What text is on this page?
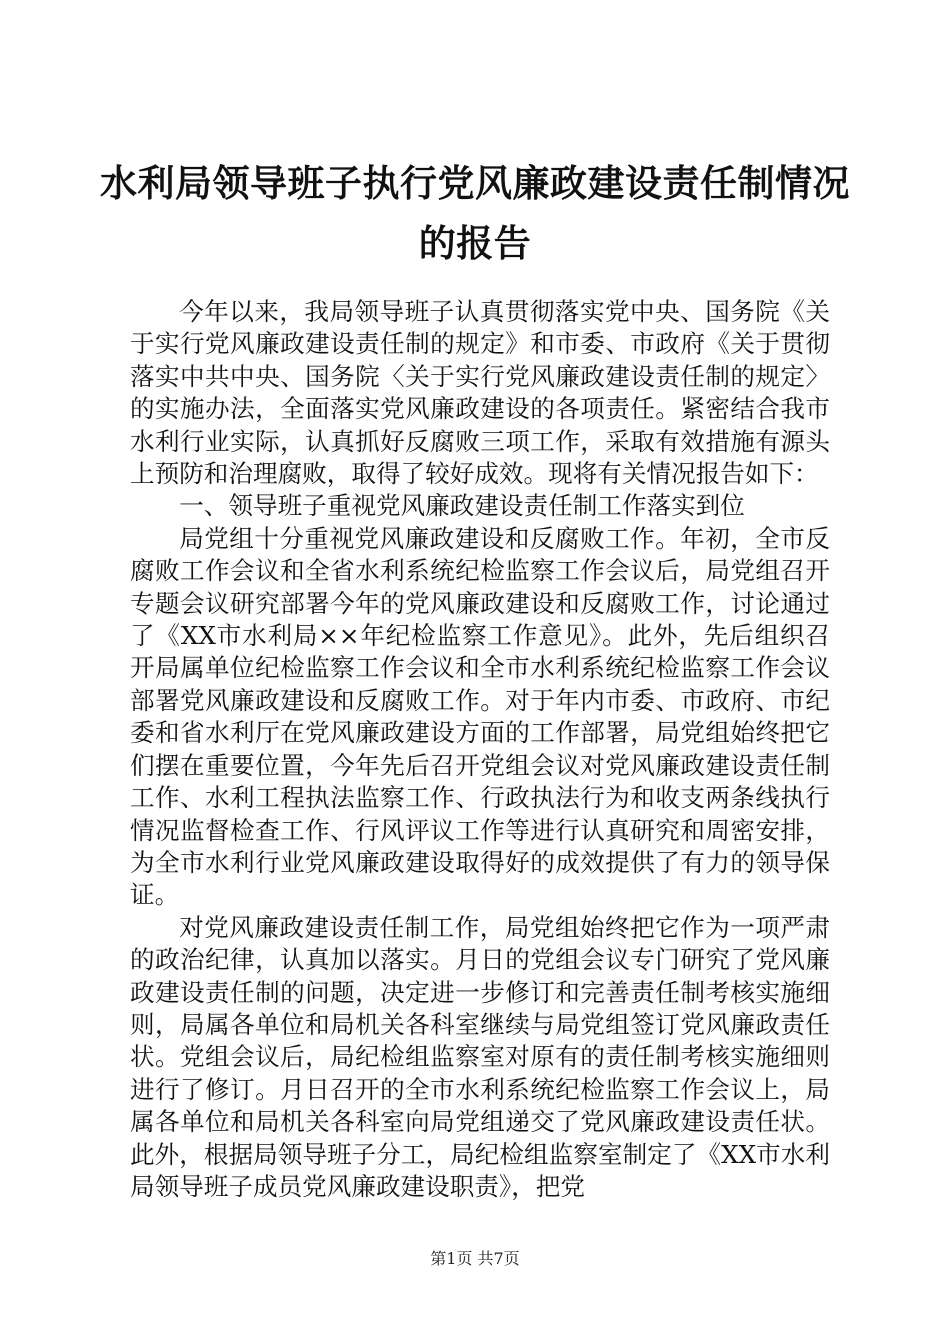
水利局领导班子执行党风廉政建设责任制情况
的报告

今年以来，我局领导班子认真贯彻落实党中央、国务院《关于实行党风廉政建设责任制的规定》和市委、市政府《关于贯彻落实中共中央、国务院〈关于实行党风廉政建设责任制的规定〉的实施办法，全面落实党风廉政建设的各项责任。紧密结合我市水利行业实际，认真抓好反腐败三项工作，采取有效措施有源头上预防和治理腐败，取得了较好成效。现将有关情况报告如下：

一、领导班子重视党风廉政建设责任制工作落实到位

局党组十分重视党风廉政建设和反腐败工作。年初，全市反腐败工作会议和全省水利系统纪检监察工作会议后，局党组召开专题会议研究部署今年的党风廉政建设和反腐败工作，讨论通过了《XX市水利局××年纪检监察工作意见》。此外，先后组织召开局属单位纪检监察工作会议和全市水利系统纪检监察工作会议部署党风廉政建设和反腐败工作。对于年内市委、市政府、市纪委和省水利厅在党风廉政建设方面的工作部署，局党组始终把它们摆在重要位置，今年先后召开党组会议对党风廉政建设责任制工作、水利工程执法监察工作、行政执法行为和收支两条线执行情况监督检查工作、行风评议工作等进行认真研究和周密安排，为全市水利行业党风廉政建设取得好的成效提供了有力的领导保证。

对党风廉政建设责任制工作，局党组始终把它作为一项严肃的政治纪律，认真加以落实。月日的党组会议专门研究了党风廉政建设责任制的问题，决定进一步修订和完善责任制考核实施细则，局属各单位和局机关各科室继续与局党组签订党风廉政责任状。党组会议后，局纪检组监察室对原有的责任制考核实施细则进行了修订。月日召开的全市水利系统纪检监察工作会议上，局属各单位和局机关各科室向局党组递交了党风廉政建设责任状。此外，根据局领导班子分工，局纪检组监察室制定了《XX市水利局领导班子成员党风廉政建设职责》，把党

第1页 共7页
